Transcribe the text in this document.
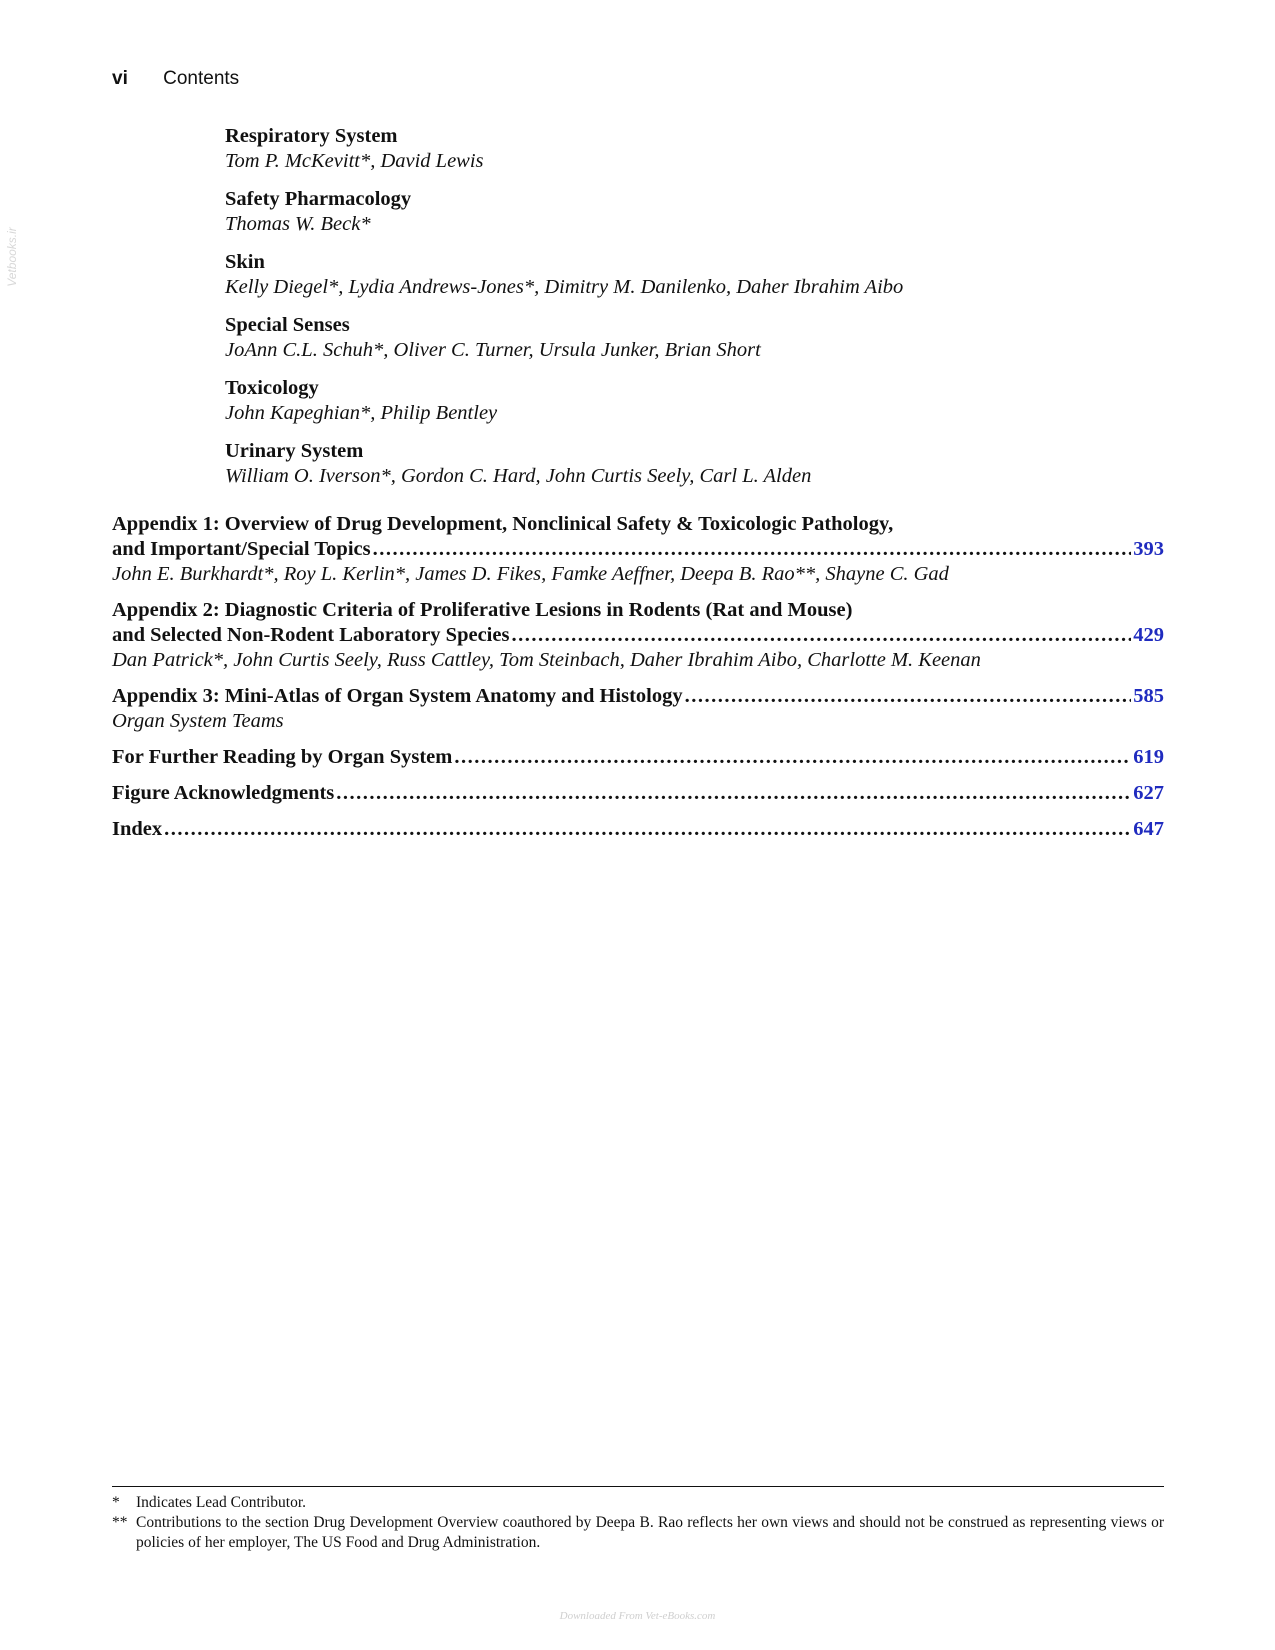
vi Contents
Vetbooks.ir
Respiratory System
Tom P. McKevitt*, David Lewis
Safety Pharmacology
Thomas W. Beck*
Skin
Kelly Diegel*, Lydia Andrews-Jones*, Dimitry M. Danilenko, Daher Ibrahim Aibo
Special Senses
JoAnn C.L. Schuh*, Oliver C. Turner, Ursula Junker, Brian Short
Toxicology
John Kapeghian*, Philip Bentley
Urinary System
William O. Iverson*, Gordon C. Hard, John Curtis Seely, Carl L. Alden
Appendix 1: Overview of Drug Development, Nonclinical Safety & Toxicologic Pathology,
and Important/Special Topics .....	393
John E. Burkhardt*, Roy L. Kerlin*, James D. Fikes, Famke Aeffner, Deepa B. Rao**, Shayne C. Gad
Appendix 2: Diagnostic Criteria of Proliferative Lesions in Rodents (Rat and Mouse)
and Selected Non-Rodent Laboratory Species .....	429
Dan Patrick*, John Curtis Seely, Russ Cattley, Tom Steinbach, Daher Ibrahim Aibo, Charlotte M. Keenan
Appendix 3: Mini-Atlas of Organ System Anatomy and Histology .....	585
Organ System Teams
For Further Reading by Organ System .....	619
Figure Acknowledgments .....	627
Index .....	647
*	Indicates Lead Contributor.
** Contributions to the section Drug Development Overview coauthored by Deepa B. Rao reflects her own views and should not be construed as representing views or policies of her employer, The US Food and Drug Administration.
Downloaded From Vet-eBooks.com
